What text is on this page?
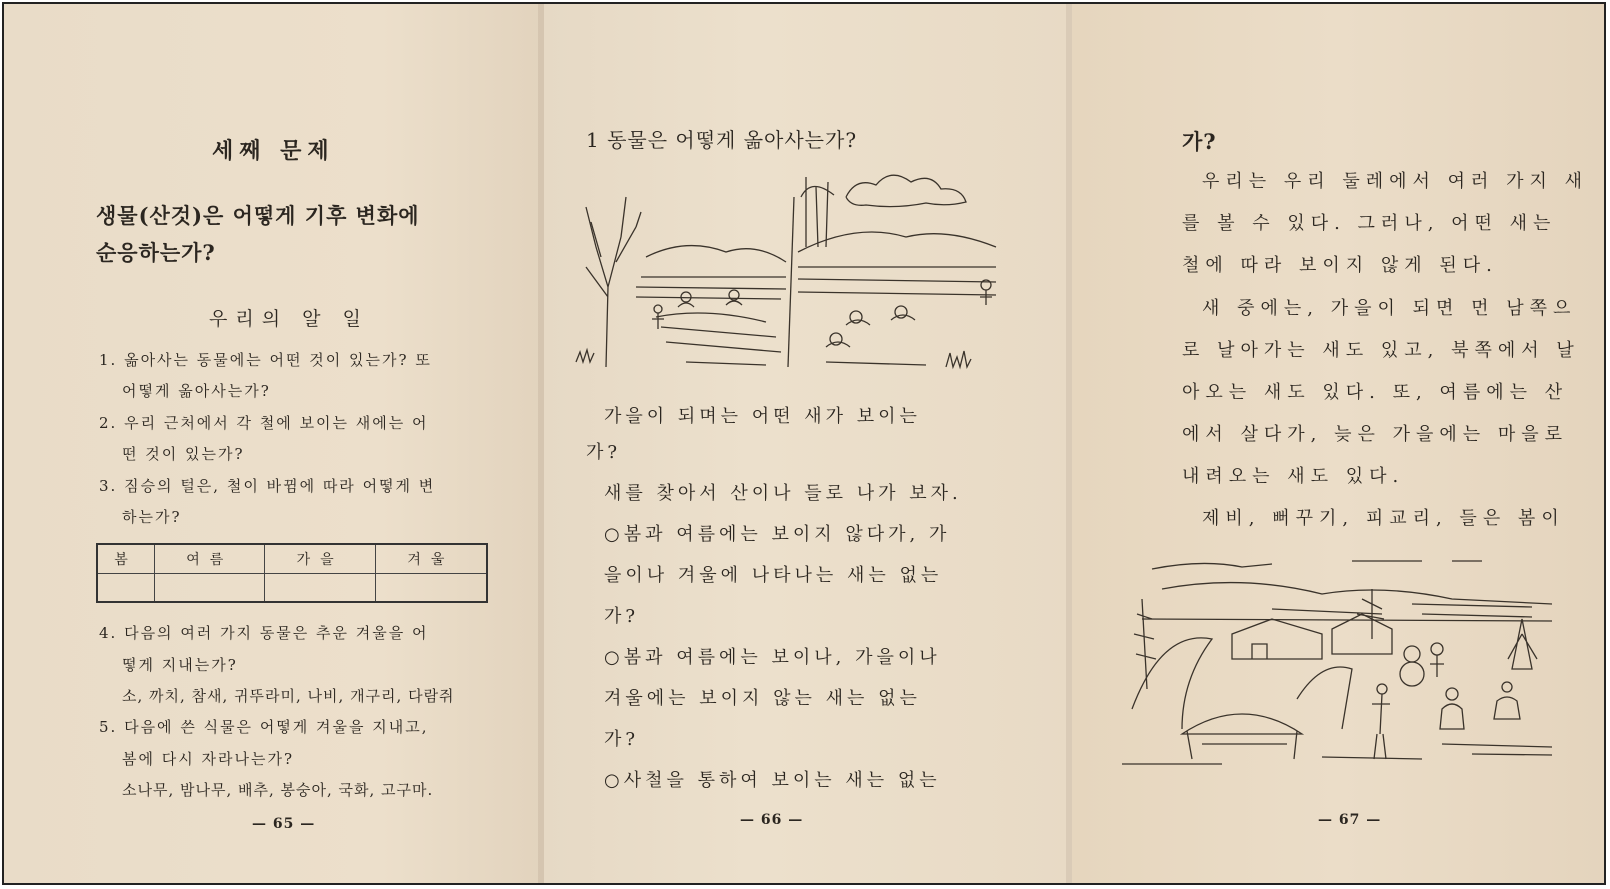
세째 문제
생물(산것)은 어떻게 기후 변화에
순응하는가?
우리의 알 일
1. 옮아사는 동물에는 어떤 것이 있는가? 또
어떻게 옮아사는가?
2. 우리 근처에서 각 철에 보이는 새에는 어
떤 것이 있는가?
3. 짐승의 털은, 철이 바뀜에 따라 어떻게 변
하는가?
봄	여름	가을	겨울

4. 다음의 여러 가지 동물은 추운 겨울을 어
떻게 지내는가?
소, 까치, 참새, 귀뚜라미, 나비, 개구리, 다람쥐
5. 다음에 쓴 식물은 어떻게 겨울을 지내고,
봄에 다시 자라나는가?
소나무, 밤나무, 배추, 봉숭아, 국화, 고구마.
— 65 —
1 동물은 어떻게 옮아사는가?
가을이 되며는 어떤 새가 보이는
가?
새를 찾아서 산이나 들로 나가 보자.
○봄과 여름에는 보이지 않다가, 가
을이나 겨울에 나타나는 새는 없는
가?
○봄과 여름에는 보이나, 가을이나
겨울에는 보이지 않는 새는 없는
가?
○사철을 통하여 보이는 새는 없는
— 66 —
가?
우리는 우리 둘레에서 여러 가지 새
를 볼 수 있다. 그러나, 어떤 새는
철에 따라 보이지 않게 된다.
새 중에는, 가을이 되면 먼 남쪽으
로 날아가는 새도 있고, 북쪽에서 날
아오는 새도 있다. 또, 여름에는 산
에서 살다가, 늦은 가을에는 마을로
내려오는 새도 있다.
제비, 뻐꾸기, 피교리, 들은 봄이
— 67 —
